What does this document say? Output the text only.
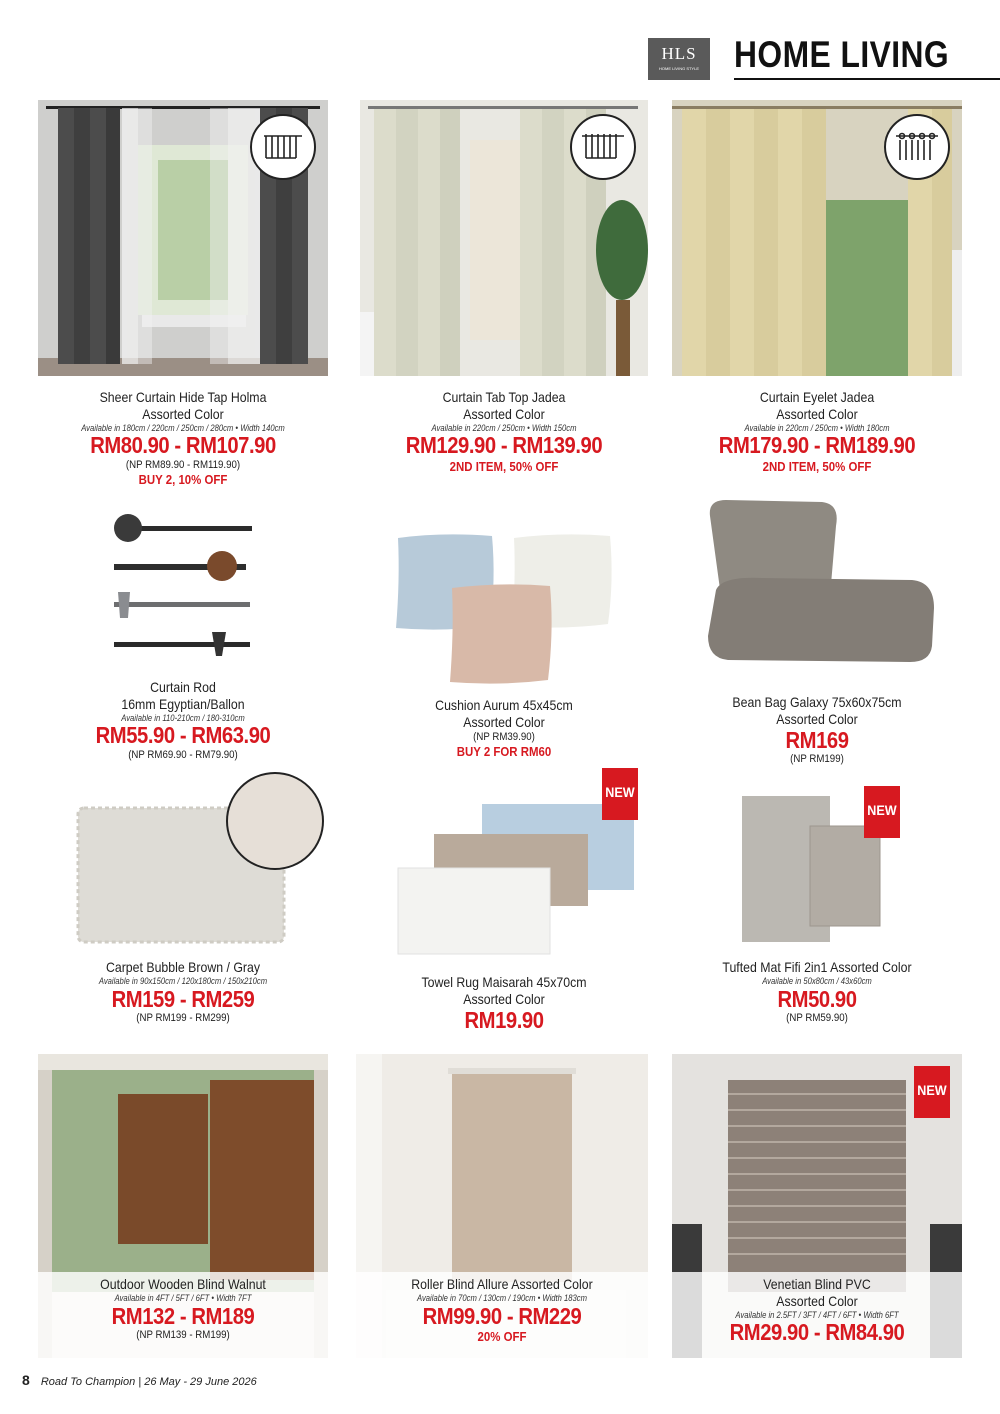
HLS
HOME LIVING STYLE HOME LIVING
Sheer Curtain Hide Tap Holma
Assorted Color
Available in 180cm / 220cm / 250cm / 280cm • Width 140cm
RM80.90 - RM107.90
(NP RM89.90 - RM119.90)
BUY 2, 10% OFF
Curtain Tab Top Jadea
Assorted Color
Available in 220cm / 250cm • Width 150cm
RM129.90 - RM139.90
2ND ITEM, 50% OFF
Curtain Eyelet Jadea
Assorted Color
Available in 220cm / 250cm • Width 180cm
RM179.90 - RM189.90
2ND ITEM, 50% OFF
Curtain Rod
16mm Egyptian/Ballon
Available in 110-210cm / 180-310cm
RM55.90 - RM63.90
(NP RM69.90 - RM79.90)
Cushion Aurum 45x45cm
Assorted Color
(NP RM39.90)
BUY 2 FOR RM60
Bean Bag Galaxy 75x60x75cm
Assorted Color
RM169
(NP RM199)
NEW
NEW
Carpet Bubble Brown / Gray
Available in 90x150cm / 120x180cm / 150x210cm
RM159 - RM259
(NP RM199 - RM299)
Towel Rug Maisarah 45x70cm
Assorted Color
RM19.90
Tufted Mat Fifi 2in1 Assorted Color
Available in 50x80cm / 43x60cm
RM50.90
(NP RM59.90)
Outdoor Wooden Blind Walnut
Available in 4FT / 5FT / 6FT • Width 7FT
RM132 - RM189
(NP RM139 - RM199)
Roller Blind Allure Assorted Color
Available in 70cm / 130cm / 190cm • Width 183cm
RM99.90 - RM229
20% OFF
NEW
Venetian Blind PVC
Assorted Color
Available in 2.5FT / 3FT / 4FT / 6FT • Width 6FT
RM29.90 - RM84.90
8 Road To Champion | 26 May - 29 June 2026
